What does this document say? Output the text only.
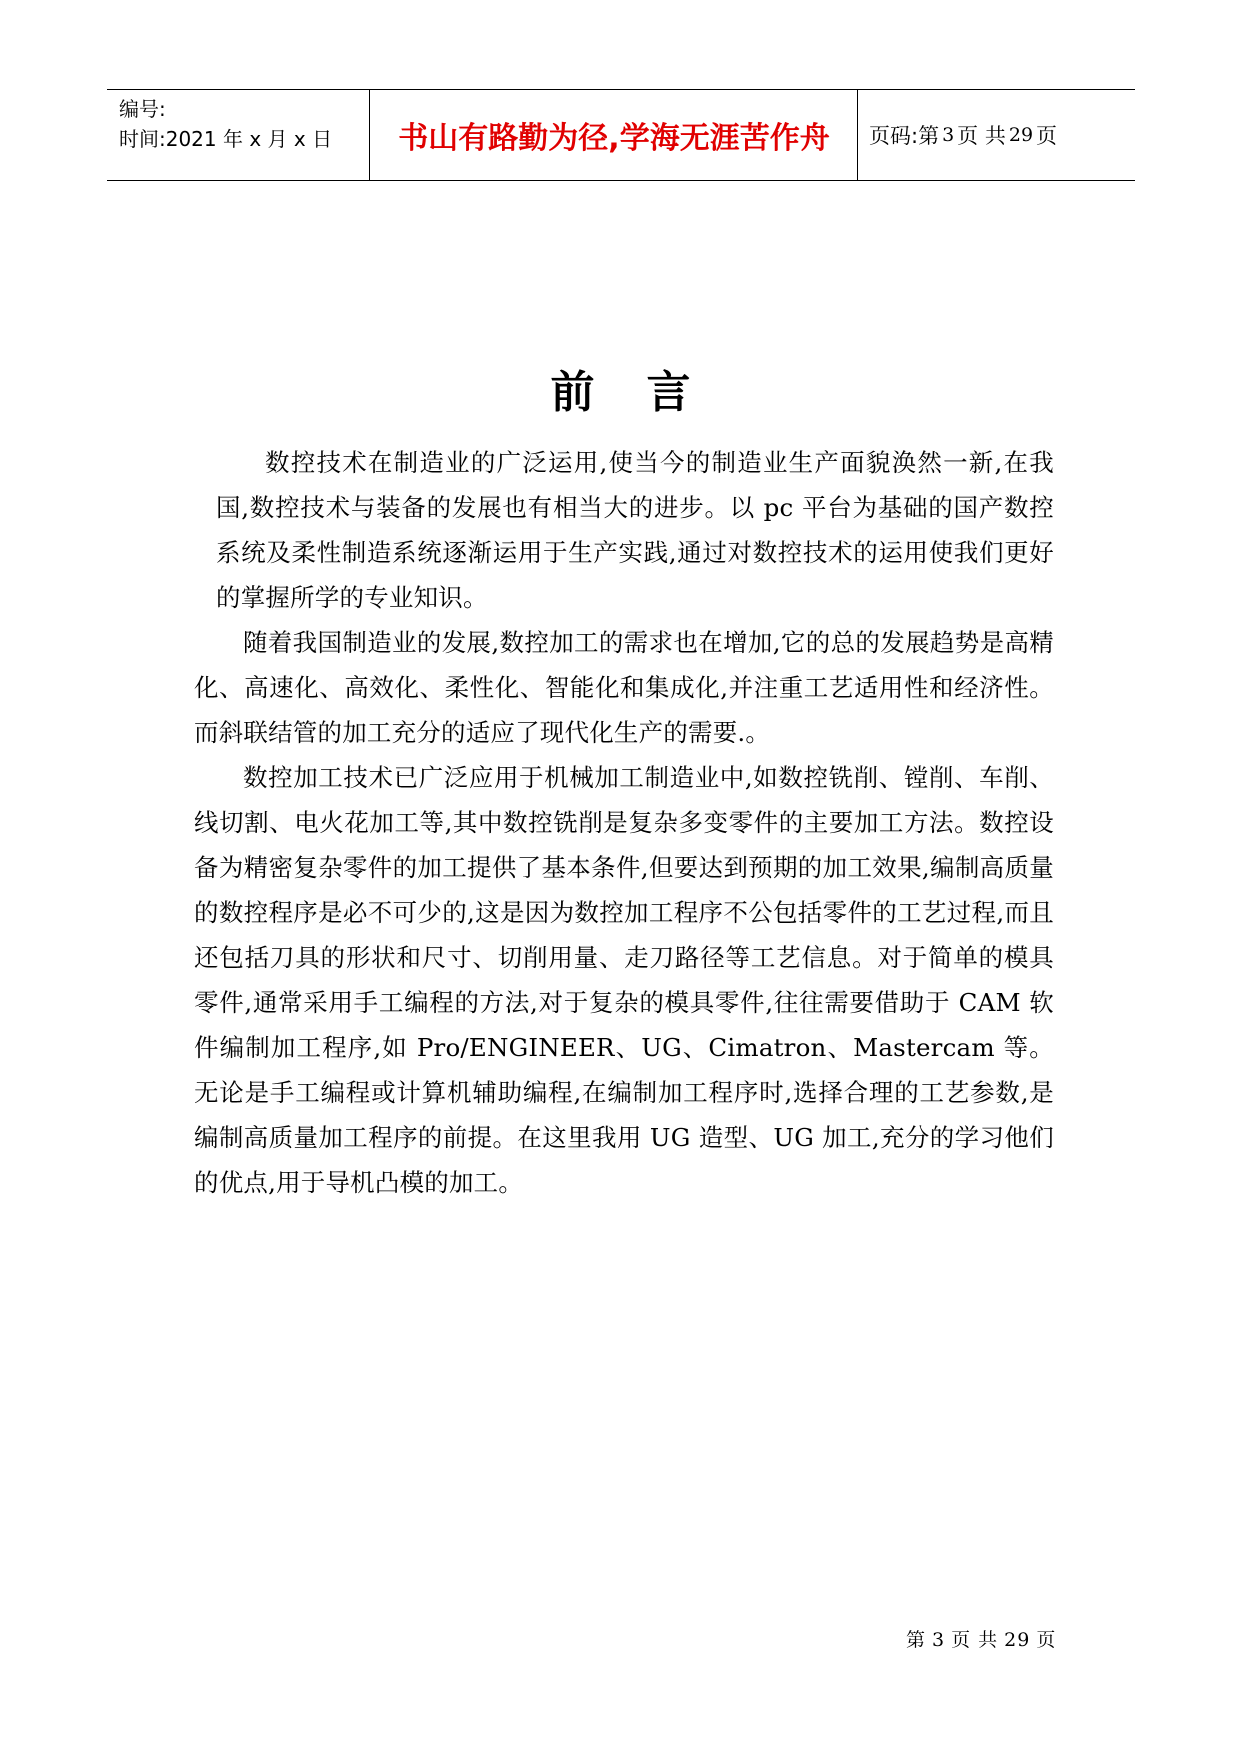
编号:
时间:2021 年 x 月 x 日	书山有路勤为径,学海无涯苦作舟	页码:第 3 页 共 29 页
前 言

数控技术在制造业的广泛运用,使当今的制造业生产面貌涣然一新,在我国,数控技术与装备的发展也有相当大的进步。以 pc 平台为基础的国产数控系统及柔性制造系统逐渐运用于生产实践,通过对数控技术的运用使我们更好的掌握所学的专业知识。

随着我国制造业的发展,数控加工的需求也在增加,它的总的发展趋势是高精化、高速化、高效化、柔性化、智能化和集成化,并注重工艺适用性和经济性。而斜联结管的加工充分的适应了现代化生产的需要.。

数控加工技术已广泛应用于机械加工制造业中,如数控铣削、镗削、车削、线切割、电火花加工等,其中数控铣削是复杂多变零件的主要加工方法。数控设备为精密复杂零件的加工提供了基本条件,但要达到预期的加工效果,编制高质量的数控程序是必不可少的,这是因为数控加工程序不公包括零件的工艺过程,而且还包括刀具的形状和尺寸、切削用量、走刀路径等工艺信息。对于简单的模具零件,通常采用手工编程的方法,对于复杂的模具零件,往往需要借助于 CAM 软件编制加工程序,如 Pro/ENGINEER、UG、Cimatron、Mastercam 等。无论是手工编程或计算机辅助编程,在编制加工程序时,选择合理的工艺参数,是编制高质量加工程序的前提。在这里我用 UG 造型、UG 加工,充分的学习他们的优点,用于导机凸模的加工。

第 3 页 共 29 页
